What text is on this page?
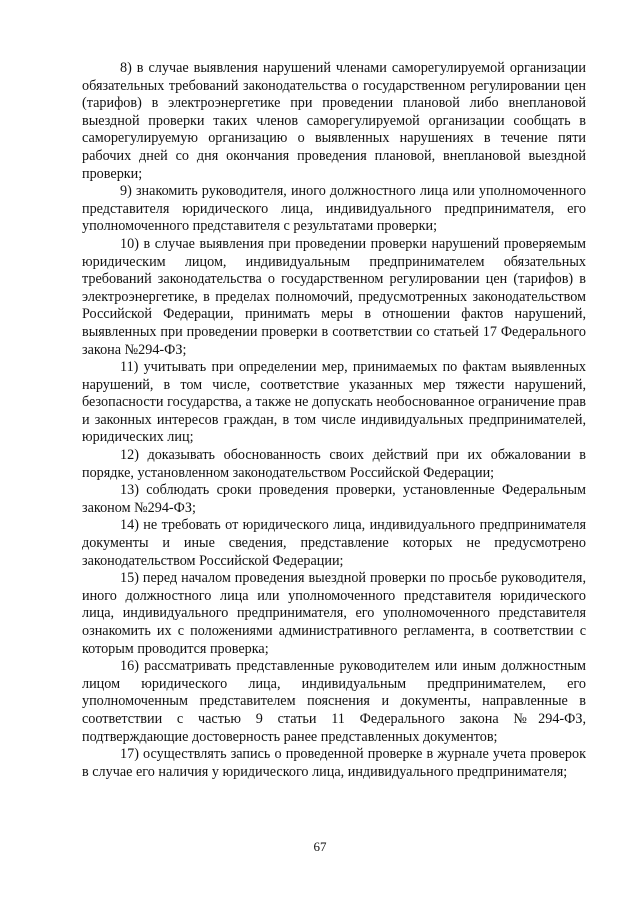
8) в случае выявления нарушений членами саморегулируемой организации обязательных требований законодательства о государственном регулировании цен (тарифов) в электроэнергетике при проведении плановой либо внеплановой выездной проверки таких членов саморегулируемой организации сообщать в саморегулируемую организацию о выявленных нарушениях в течение пяти рабочих дней со дня окончания проведения плановой, внеплановой выездной проверки;

9) знакомить руководителя, иного должностного лица или уполномоченного представителя юридического лица, индивидуального предпринимателя, его уполномоченного представителя с результатами проверки;

10) в случае выявления при проведении проверки нарушений проверяемым юридическим лицом, индивидуальным предпринимателем обязательных требований законодательства о государственном регулировании цен (тарифов) в электроэнергетике, в пределах полномочий, предусмотренных законодательством Российской Федерации, принимать меры в отношении фактов нарушений, выявленных при проведении проверки в соответствии со статьей 17 Федерального закона №294-ФЗ;

11) учитывать при определении мер, принимаемых по фактам выявленных нарушений, в том числе, соответствие указанных мер тяжести нарушений, безопасности государства, а также не допускать необоснованное ограничение прав и законных интересов граждан, в том числе индивидуальных предпринимателей, юридических лиц;

12) доказывать обоснованность своих действий при их обжаловании в порядке, установленном законодательством Российской Федерации;

13) соблюдать сроки проведения проверки, установленные Федеральным законом №294-ФЗ;

14) не требовать от юридического лица, индивидуального предпринимателя документы и иные сведения, представление которых не предусмотрено законодательством Российской Федерации;

15) перед началом проведения выездной проверки по просьбе руководителя, иного должностного лица или уполномоченного представителя юридического лица, индивидуального предпринимателя, его уполномоченного представителя ознакомить их с положениями административного регламента, в соответствии с которым проводится проверка;

16) рассматривать представленные руководителем или иным должностным лицом юридического лица, индивидуальным предпринимателем, его уполномоченным представителем пояснения и документы, направленные в соответствии с частью 9 статьи 11 Федерального закона №294-ФЗ, подтверждающие достоверность ранее представленных документов;

17) осуществлять запись о проведенной проверке в журнале учета проверок в случае его наличия у юридического лица, индивидуального предпринимателя;

67
